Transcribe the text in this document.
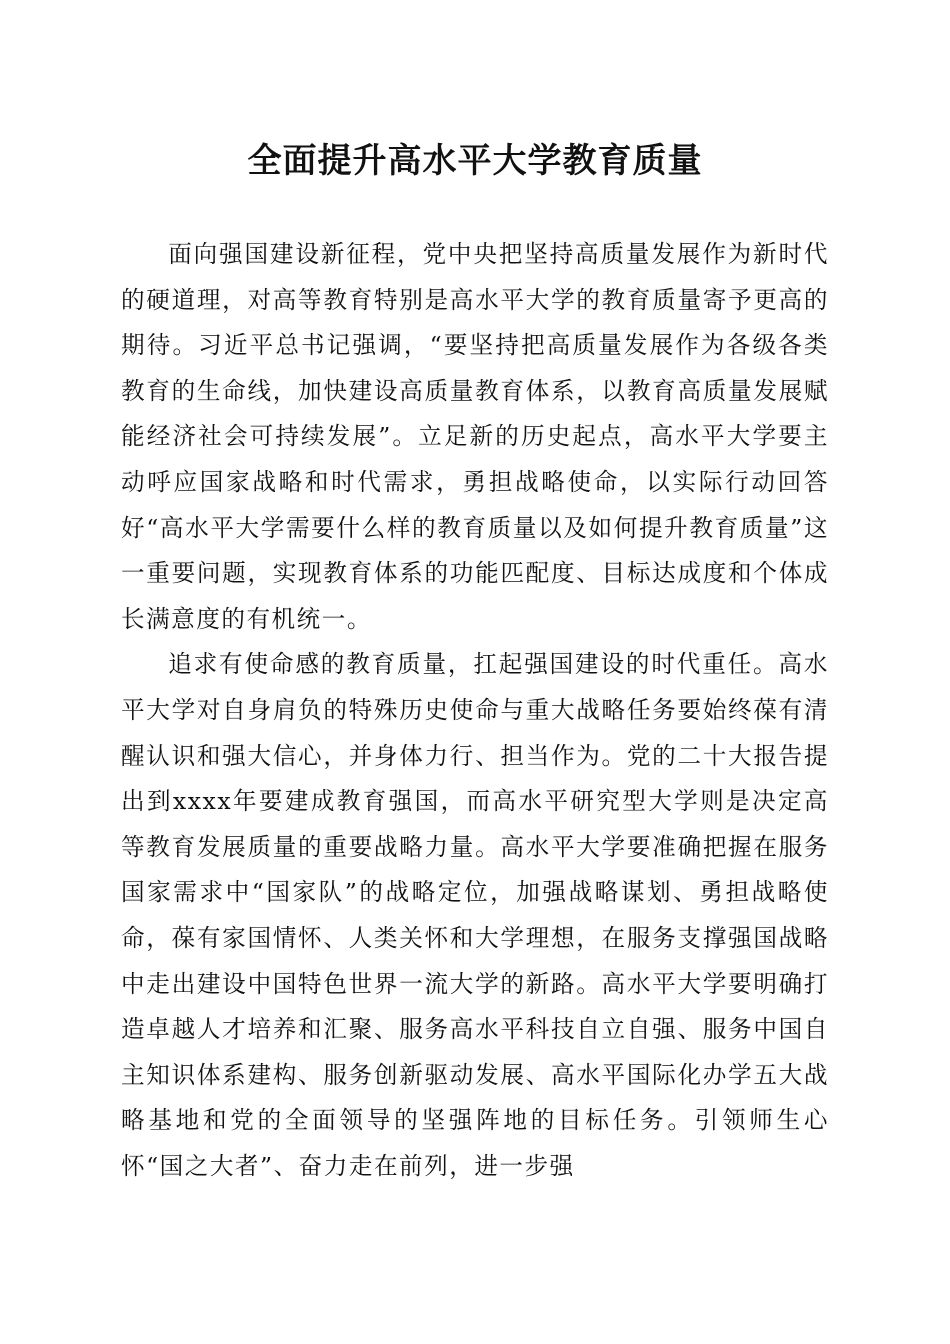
全面提升高水平大学教育质量

面向强国建设新征程，党中央把坚持高质量发展作为新时代的硬道理，对高等教育特别是高水平大学的教育质量寄予更高的期待。习近平总书记强调，“要坚持把高质量发展作为各级各类教育的生命线，加快建设高质量教育体系，以教育高质量发展赋能经济社会可持续发展”。立足新的历史起点，高水平大学要主动呼应国家战略和时代需求，勇担战略使命，以实际行动回答好“高水平大学需要什么样的教育质量以及如何提升教育质量”这一重要问题，实现教育体系的功能匹配度、目标达成度和个体成长满意度的有机统一。

追求有使命感的教育质量，扛起强国建设的时代重任。高水平大学对自身肩负的特殊历史使命与重大战略任务要始终葆有清醒认识和强大信心，并身体力行、担当作为。党的二十大报告提出到xxxx年要建成教育强国，而高水平研究型大学则是决定高等教育发展质量的重要战略力量。高水平大学要准确把握在服务国家需求中“国家队”的战略定位，加强战略谋划、勇担战略使命，葆有家国情怀、人类关怀和大学理想，在服务支撑强国战略中走出建设中国特色世界一流大学的新路。高水平大学要明确打造卓越人才培养和汇聚、服务高水平科技自立自强、服务中国自主知识体系建构、服务创新驱动发展、高水平国际化办学五大战略基地和党的全面领导的坚强阵地的目标任务。引领师生心怀“国之大者”、奋力走在前列，进一步强
